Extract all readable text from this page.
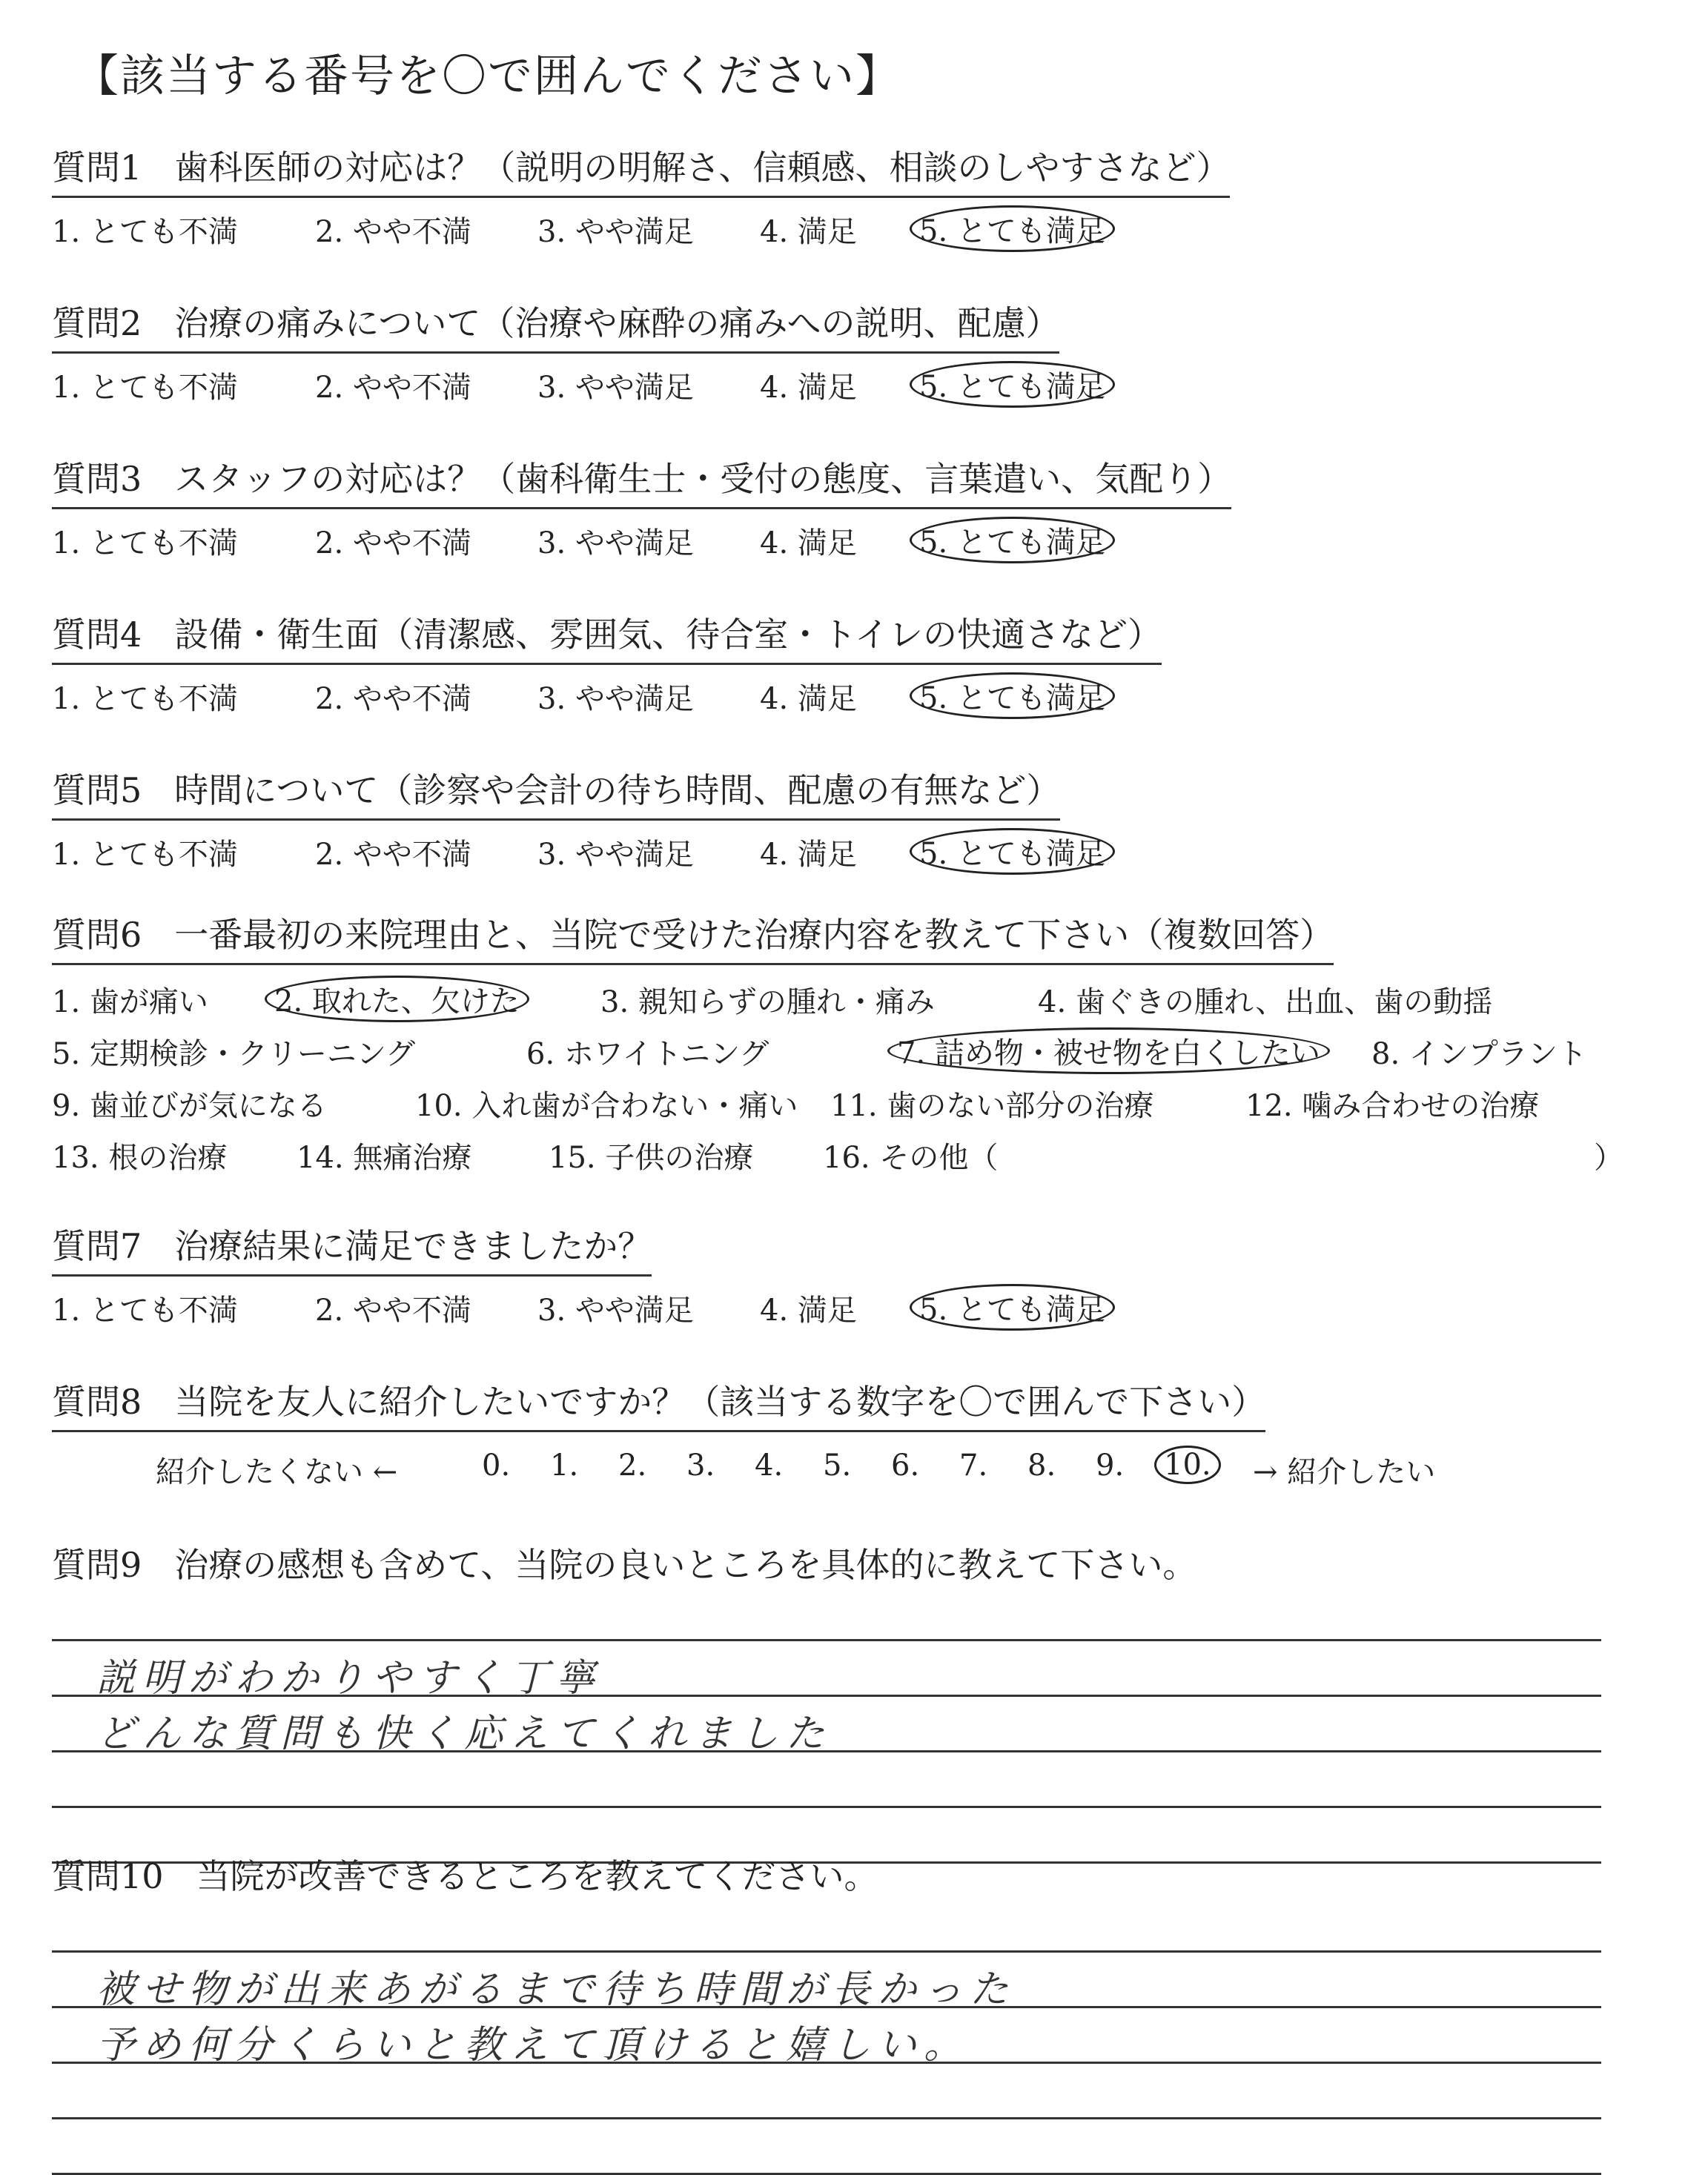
【該当する番号を〇で囲んでください】
質問1 歯科医師の対応は？（説明の明解さ、信頼感、相談のしやすさなど）
1. とても不満	2. やや不満 3. やや満足 4. 満足	5. とても満足
質問2 治療の痛みについて（治療や麻酔の痛みへの説明、配慮）
1. とても不満	2. やや不満 3. やや満足 4. 満足	5. とても満足
質問3 スタッフの対応は？（歯科衛生士・受付の態度、言葉遣い、気配り）
1. とても不満	2. やや不満 3. やや満足 4. 満足	5. とても満足
質問4 設備・衛生面（清潔感、雰囲気、待合室・トイレの快適さなど）
1. とても不満	2. やや不満 3. やや満足 4. 満足	5. とても満足
質問5 時間について（診察や会計の待ち時間、配慮の有無など）
1. とても不満	2. やや不満 3. やや満足 4. 満足	5. とても満足
質問6 一番最初の来院理由と、当院で受けた治療内容を教えて下さい（複数回答）
1. 歯が痛い	2. 取れた、欠けた	3. 親知らずの腫れ・痛み	4. 歯ぐきの腫れ、出血、歯の動揺
5. 定期検診・クリーニング	6. ホワイトニング	7. 詰め物・被せ物を白くしたい	8. インプラント
9. 歯並びが気になる	10. 入れ歯が合わない・痛い 11. 歯のない部分の治療	12. 噛み合わせの治療
13. 根の治療 14. 無痛治療	15. 子供の治療 16. その他（	）
質問7 治療結果に満足できましたか？
1. とても不満	2. やや不満 3. やや満足 4. 満足	5. とても満足
質問8 当院を友人に紹介したいですか？（該当する数字を〇で囲んで下さい）
紹介したくない ←	0. 1. 2. 3. 4. 5. 6. 7. 8. 9.	10.	→ 紹介したい
質問9 治療の感想も含めて、当院の良いところを具体的に教えて下さい。
説明がわかりやすく丁寧
どんな質問も快く応えてくれました
質問10 当院が改善できるところを教えてください。
被せ物が出来あがるまで待ち時間が長かった
予め何分くらいと教えて頂けると嬉しい。
